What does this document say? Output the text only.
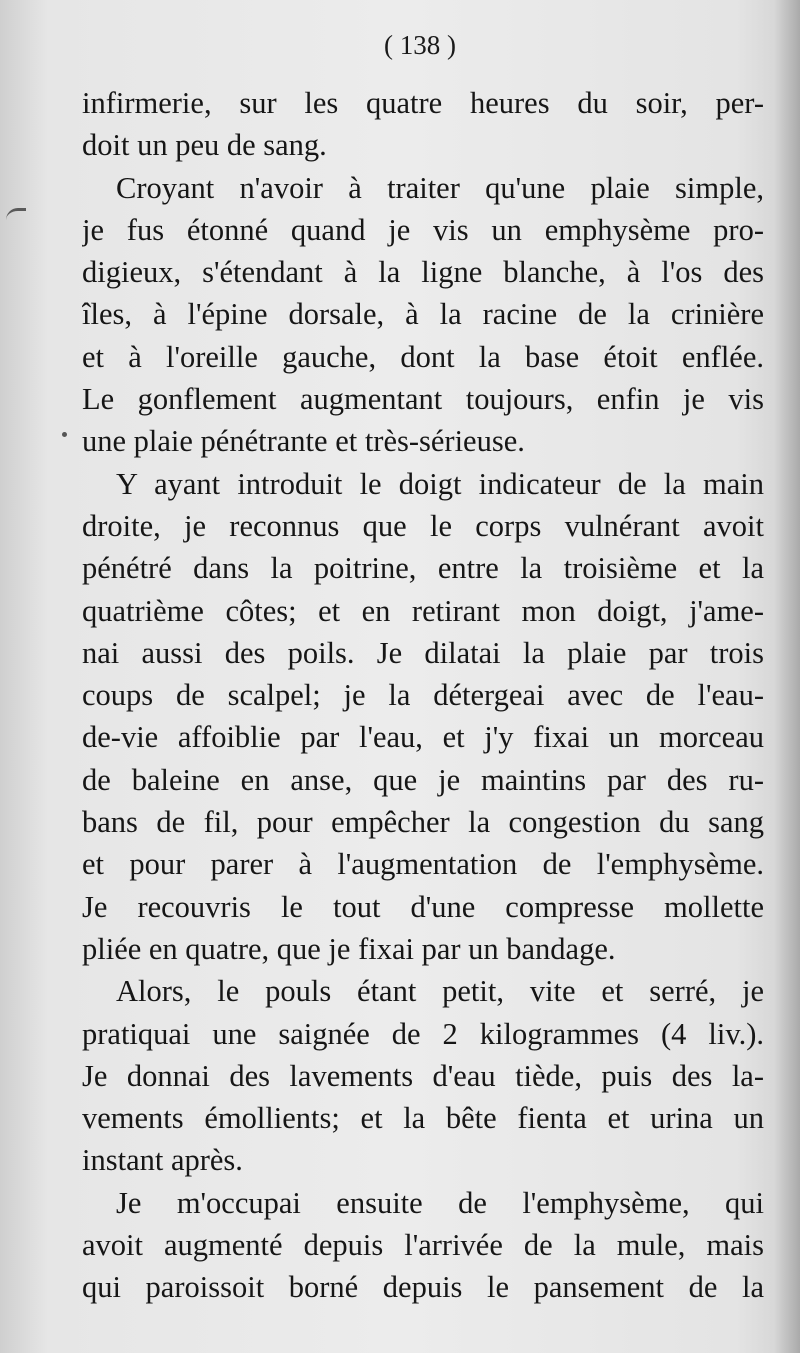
( 138 )
infirmerie, sur les quatre heures du soir, per-
doit un peu de sang.
Croyant n'avoir à traiter qu'une plaie simple,
je fus étonné quand je vis un emphysème pro-
digieux, s'étendant à la ligne blanche, à l'os des
îles, à l'épine dorsale, à la racine de la crinière
et à l'oreille gauche, dont la base étoit enflée.
Le gonflement augmentant toujours, enfin je vis
une plaie pénétrante et très-sérieuse.
Y ayant introduit le doigt indicateur de la main
droite, je reconnus que le corps vulnérant avoit
pénétré dans la poitrine, entre la troisième et la
quatrième côtes; et en retirant mon doigt, j'ame-
nai aussi des poils. Je dilatai la plaie par trois
coups de scalpel; je la détergeai avec de l'eau-
de-vie affoiblie par l'eau, et j'y fixai un morceau
de baleine en anse, que je maintins par des ru-
bans de fil, pour empêcher la congestion du sang
et pour parer à l'augmentation de l'emphysème.
Je recouvris le tout d'une compresse mollette
pliée en quatre, que je fixai par un bandage.
Alors, le pouls étant petit, vite et serré, je
pratiquai une saignée de 2 kilogrammes (4 liv.).
Je donnai des lavements d'eau tiède, puis des la-
vements émollients; et la bête fienta et urina un
instant après.
Je m'occupai ensuite de l'emphysème, qui
avoit augmenté depuis l'arrivée de la mule, mais
qui paroissoit borné depuis le pansement de la
